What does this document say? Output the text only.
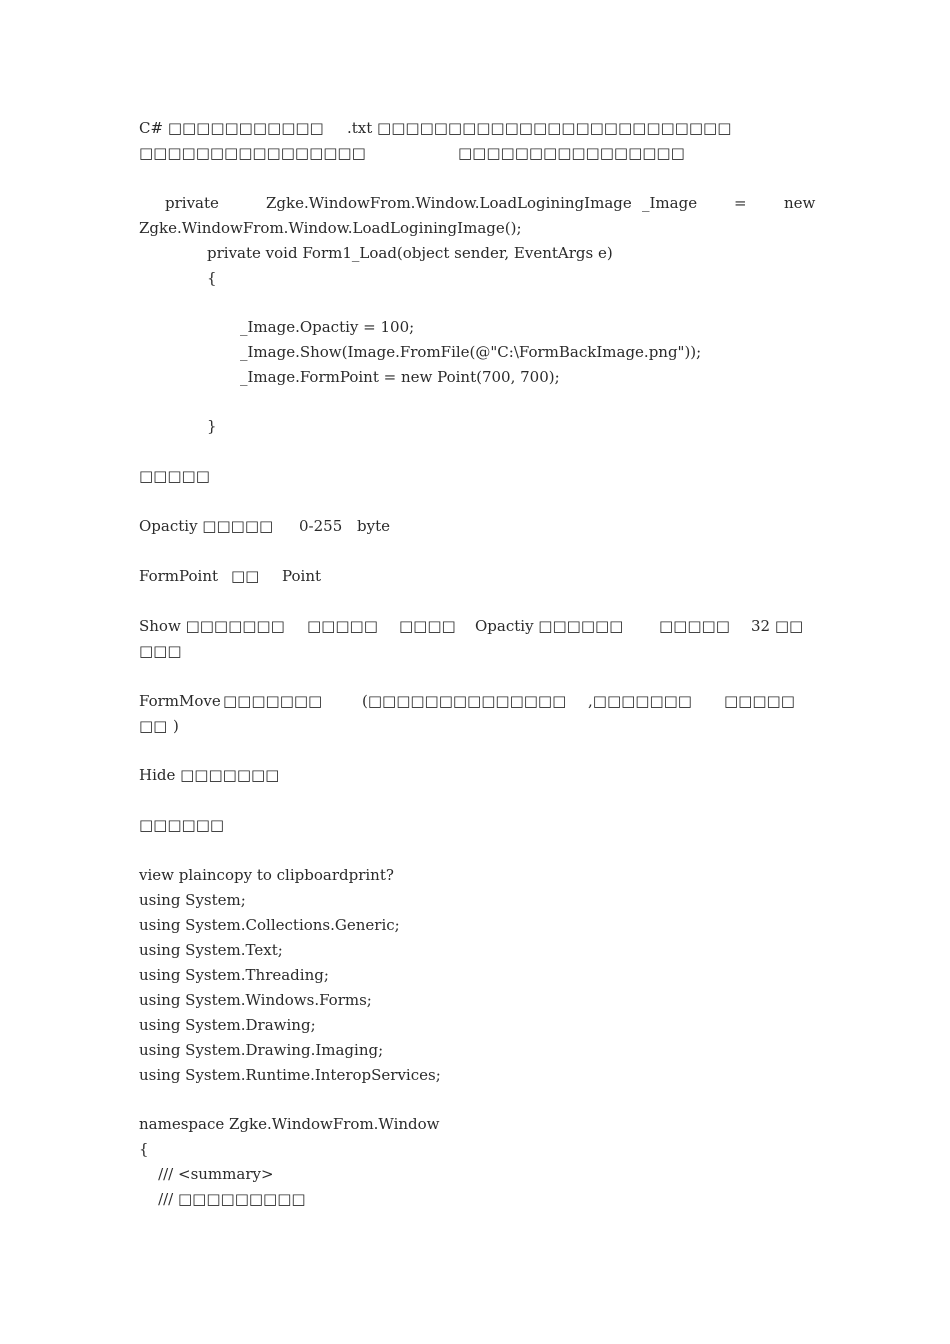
C# □□□□□□□□□□□ .txt □□□□□□□□□□□□□□□□□□□□□□□□□
□□□□□□□□□□□□□□□□	□□□□□□□□□□□□□□□□
private	Zgke.WindowFrom.Window.LoadLoginingImage _Image = new
Zgke.WindowFrom.Window.LoadLoginingImage();
private void Form1_Load(object sender, EventArgs e)
{
_Image.Opactiy = 100;
_Image.Show(Image.FromFile(@"C:\FormBackImage.png"));
_Image.FormPoint = new Point(700, 700);
}
□□□□□
Opactiy □□□□□ 0-255 byte
FormPoint □□ Point
Show □□□□□□□ □□□□□ □□□□ Opactiy □□□□□□ □□□□□ 32 □□
□□□
FormMove □□□□□□□	(□□□□□□□□□□□□□□ ,□□□□□□□ □□□□□
□□ )
Hide □□□□□□□
□□□□□□
view plaincopy to clipboardprint?
using System;
using System.Collections.Generic;
using System.Text;
using System.Threading;
using System.Windows.Forms;
using System.Drawing;
using System.Drawing.Imaging;
using System.Runtime.InteropServices;
namespace Zgke.WindowFrom.Window
{
/// <summary>
/// □□□□□□□□□
